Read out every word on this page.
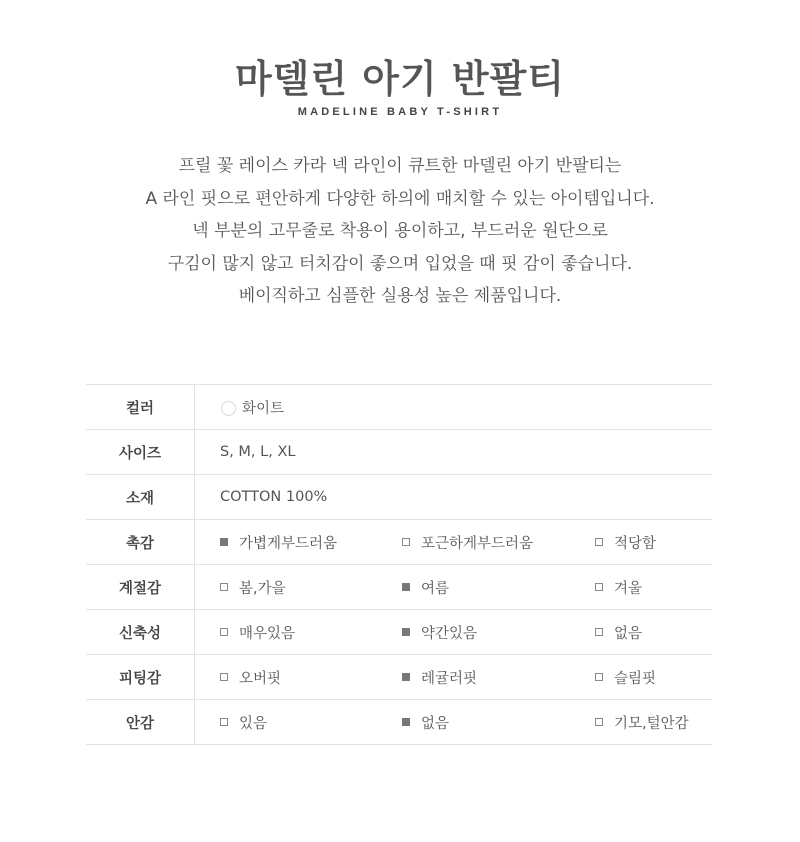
마델린 아기 반팔티
MADELINE BABY T-SHIRT
프릴 꽃 레이스 카라 넥 라인이 큐트한 마델린 아기 반팔티는
A 라인 핏으로 편안하게 다양한 하의에 매치할 수 있는 아이템입니다.
넥 부분의 고무줄로 착용이 용이하고, 부드러운 원단으로
구김이 많지 않고 터치감이 좋으며 입었을 때 핏 감이 좋습니다.
베이직하고 심플한 실용성 높은 제품입니다.
컬러	화이트
사이즈	S, M, L, XL
소재	COTTON 100%
촉감	가볍게부드러움 포근하게부드러움 적당함

계절감	봄,가을 여름 겨울

신축성	매우있음 약간있음 없음

피팅감	오버핏 레귤러핏 슬림핏

안감	있음 없음 기모,털안감
